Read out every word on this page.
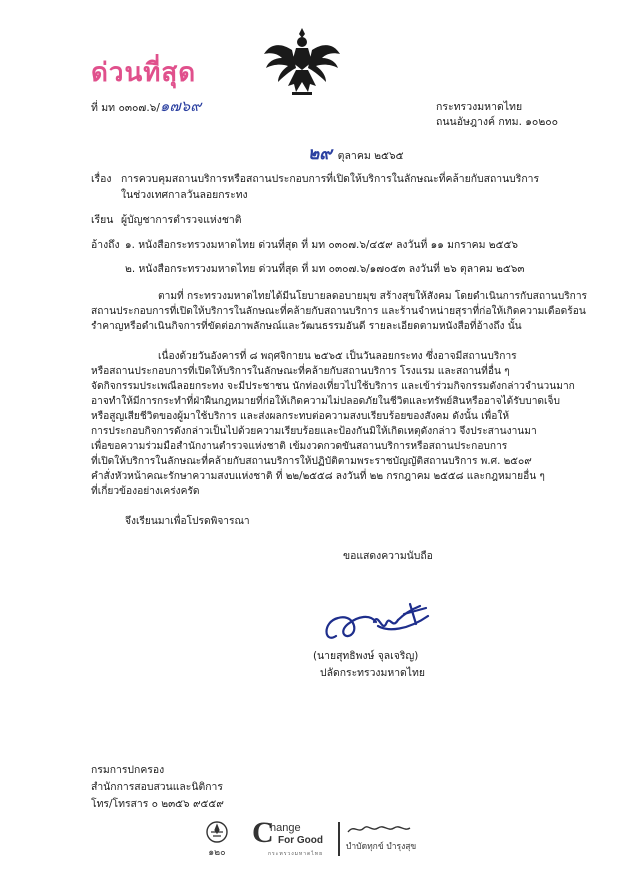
ด่วนที่สุด
ที่ มท ๐๓๐๗.๖/๑๗๖๙	กระทรวงมหาดไทย
ถนนอัษฎางค์ กทม. ๑๐๒๐๐
๒๙ ตุลาคม ๒๕๖๕
เรื่อง การควบคุมสถานบริการหรือสถานประกอบการที่เปิดให้บริการในลักษณะที่คล้ายกับสถานบริการ
ในช่วงเทศกาลวันลอยกระทง
เรียน ผู้บัญชาการตำรวจแห่งชาติ
อ้างถึง ๑. หนังสือกระทรวงมหาดไทย ด่วนที่สุด ที่ มท ๐๓๐๗.๖/๔๕๙ ลงวันที่ ๑๑ มกราคม ๒๕๕๖
๒. หนังสือกระทรวงมหาดไทย ด่วนที่สุด ที่ มท ๐๓๐๗.๖/๑๗๐๕๓ ลงวันที่ ๒๖ ตุลาคม ๒๕๖๓
ตามที่ กระทรวงมหาดไทยได้มีนโยบายลดอบายมุข สร้างสุขให้สังคม โดยดำเนินการกับสถานบริการ
สถานประกอบการที่เปิดให้บริการในลักษณะที่คล้ายกับสถานบริการ และร้านจำหน่ายสุราที่ก่อให้เกิดความเดือดร้อน
รำคาญหรือดำเนินกิจการที่ขัดต่อภาพลักษณ์และวัฒนธรรมอันดี รายละเอียดตามหนังสือที่อ้างถึง นั้น
เนื่องด้วยวันอังคารที่ ๘ พฤศจิกายน ๒๕๖๕ เป็นวันลอยกระทง ซึ่งอาจมีสถานบริการ
หรือสถานประกอบการที่เปิดให้บริการในลักษณะที่คล้ายกับสถานบริการ โรงแรม และสถานที่อื่น ๆ
จัดกิจกรรมประเพณีลอยกระทง จะมีประชาชน นักท่องเที่ยวไปใช้บริการ และเข้าร่วมกิจกรรมดังกล่าวจำนวนมาก
อาจทำให้มีการกระทำที่ฝ่าฝืนกฎหมายที่ก่อให้เกิดความไม่ปลอดภัยในชีวิตและทรัพย์สินหรืออาจได้รับบาดเจ็บ
หรือสูญเสียชีวิตของผู้มาใช้บริการ และส่งผลกระทบต่อความสงบเรียบร้อยของสังคม ดังนั้น เพื่อให้
การประกอบกิจการดังกล่าวเป็นไปด้วยความเรียบร้อยและป้องกันมิให้เกิดเหตุดังกล่าว จึงประสานงานมา
เพื่อขอความร่วมมือสำนักงานตำรวจแห่งชาติ เข้มงวดกวดขันสถานบริการหรือสถานประกอบการ
ที่เปิดให้บริการในลักษณะที่คล้ายกับสถานบริการให้ปฏิบัติตามพระราชบัญญัติสถานบริการ พ.ศ. ๒๕๐๙
คำสั่งหัวหน้าคณะรักษาความสงบแห่งชาติ ที่ ๒๒/๒๕๕๘ ลงวันที่ ๒๒ กรกฎาคม ๒๕๕๘ และกฎหมายอื่น ๆ
ที่เกี่ยวข้องอย่างเคร่งครัด
จึงเรียนมาเพื่อโปรดพิจารณา
ขอแสดงความนับถือ
(นายสุทธิพงษ์ จุลเจริญ)
ปลัดกระทรวงมหาดไทย
กรมการปกครอง
สำนักการสอบสวนและนิติการ
โทร/โทรสาร ๐ ๒๓๕๖ ๙๕๕๙
๑๒๐
C
hange
For Good
กระทรวงมหาดไทย
บำบัดทุกข์ บำรุงสุข
